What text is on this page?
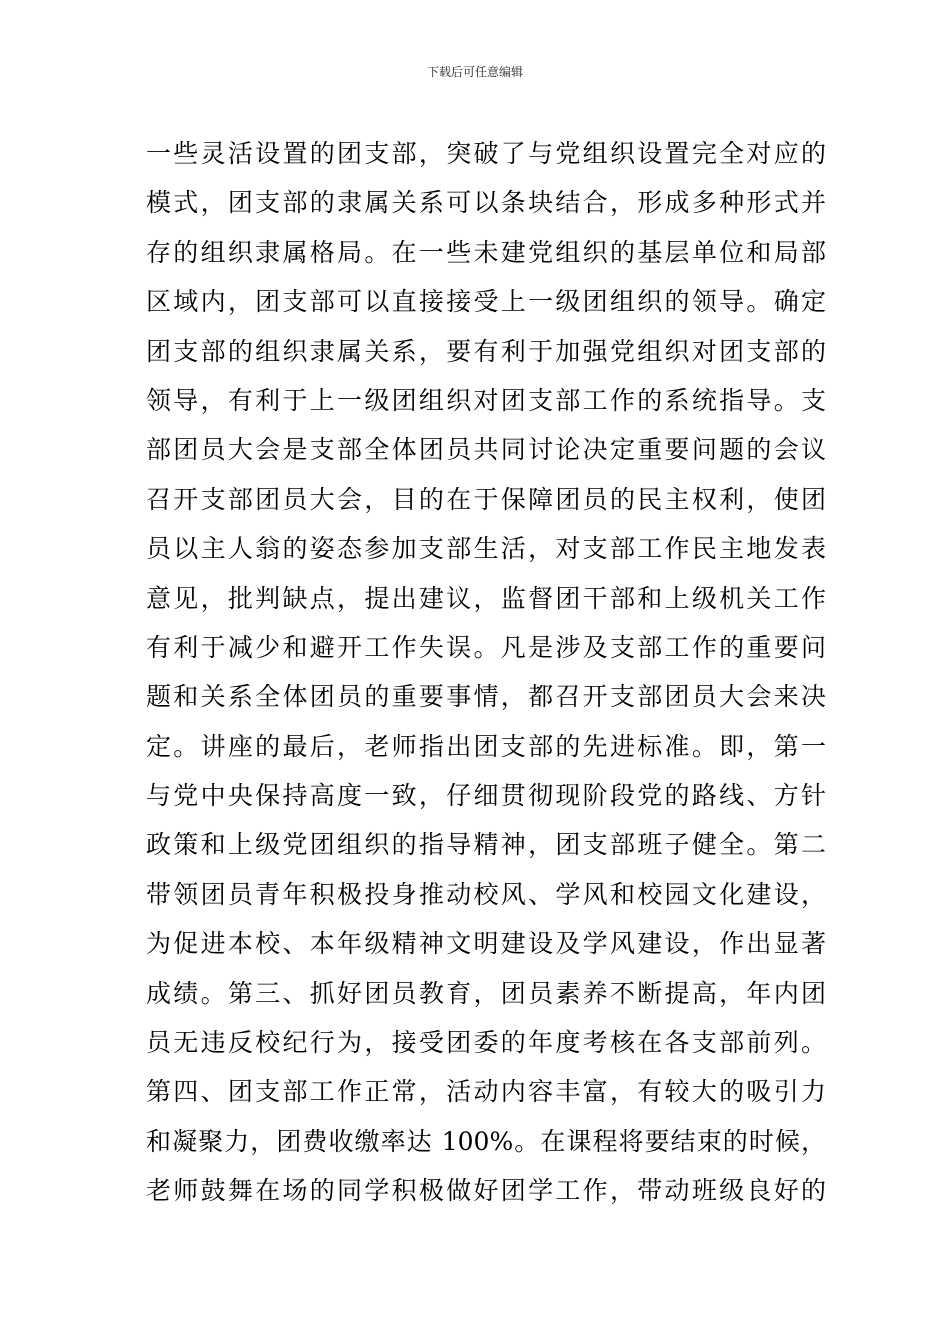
下载后可任意编辑
一些灵活设置的团支部，突破了与党组织设置完全对应的
模式，团支部的隶属关系可以条块结合，形成多种形式并
存的组织隶属格局。在一些未建党组织的基层单位和局部
区域内，团支部可以直接接受上一级团组织的领导。确定
团支部的组织隶属关系，要有利于加强党组织对团支部的
领导，有利于上一级团组织对团支部工作的系统指导。支
部团员大会是支部全体团员共同讨论决定重要问题的会议
召开支部团员大会，目的在于保障团员的民主权利，使团
员以主人翁的姿态参加支部生活，对支部工作民主地发表
意见，批判缺点，提出建议，监督团干部和上级机关工作
有利于减少和避开工作失误。凡是涉及支部工作的重要问
题和关系全体团员的重要事情，都召开支部团员大会来决
定。讲座的最后，老师指出团支部的先进标准。即，第一
与党中央保持高度一致，仔细贯彻现阶段党的路线、方针
政策和上级党团组织的指导精神，团支部班子健全。第二
带领团员青年积极投身推动校风、学风和校园文化建设，
为促进本校、本年级精神文明建设及学风建设，作出显著
成绩。第三、抓好团员教育，团员素养不断提高，年内团
员无违反校纪行为，接受团委的年度考核在各支部前列。
第四、团支部工作正常，活动内容丰富，有较大的吸引力
和凝聚力，团费收缴率达 100%。在课程将要结束的时候，
老师鼓舞在场的同学积极做好团学工作，带动班级良好的
